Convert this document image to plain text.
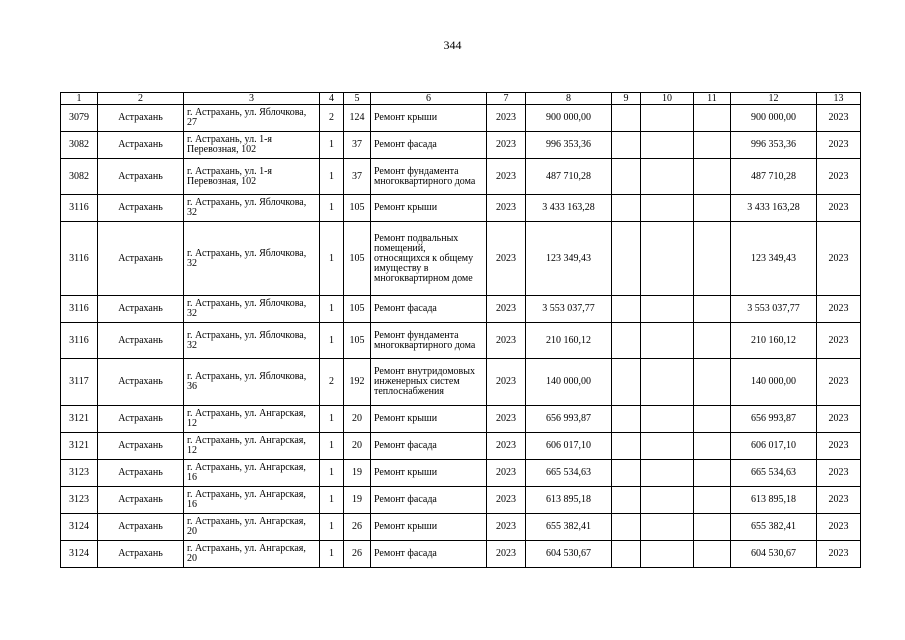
344
1	2	3	4	5	6	7	8	9	10	11	12	13
3079	Астрахань	г. Астрахань, ул. Яблочкова, 27	2	124	Ремонт крыши	2023	900 000,00				900 000,00	2023
3082	Астрахань	г. Астрахань, ул. 1-я Перевозная, 102	1	37	Ремонт фасада	2023	996 353,36				996 353,36	2023
3082	Астрахань	г. Астрахань, ул. 1-я Перевозная, 102	1	37	Ремонт фундамента многоквартирного дома	2023	487 710,28				487 710,28	2023
3116	Астрахань	г. Астрахань, ул. Яблочкова, 32	1	105	Ремонт крыши	2023	3 433 163,28				3 433 163,28	2023
3116	Астрахань	г. Астрахань, ул. Яблочкова, 32	1	105	Ремонт подвальных помещений, относящихся к общему имуществу в многоквартирном доме	2023	123 349,43				123 349,43	2023
3116	Астрахань	г. Астрахань, ул. Яблочкова, 32	1	105	Ремонт фасада	2023	3 553 037,77				3 553 037,77	2023
3116	Астрахань	г. Астрахань, ул. Яблочкова, 32	1	105	Ремонт фундамента многоквартирного дома	2023	210 160,12				210 160,12	2023
3117	Астрахань	г. Астрахань, ул. Яблочкова, 36	2	192	Ремонт внутридомовых инженерных систем теплоснабжения	2023	140 000,00				140 000,00	2023
3121	Астрахань	г. Астрахань, ул. Ангарская, 12	1	20	Ремонт крыши	2023	656 993,87				656 993,87	2023
3121	Астрахань	г. Астрахань, ул. Ангарская, 12	1	20	Ремонт фасада	2023	606 017,10				606 017,10	2023
3123	Астрахань	г. Астрахань, ул. Ангарская, 16	1	19	Ремонт крыши	2023	665 534,63				665 534,63	2023
3123	Астрахань	г. Астрахань, ул. Ангарская, 16	1	19	Ремонт фасада	2023	613 895,18				613 895,18	2023
3124	Астрахань	г. Астрахань, ул. Ангарская, 20	1	26	Ремонт крыши	2023	655 382,41				655 382,41	2023
3124	Астрахань	г. Астрахань, ул. Ангарская, 20	1	26	Ремонт фасада	2023	604 530,67				604 530,67	2023
